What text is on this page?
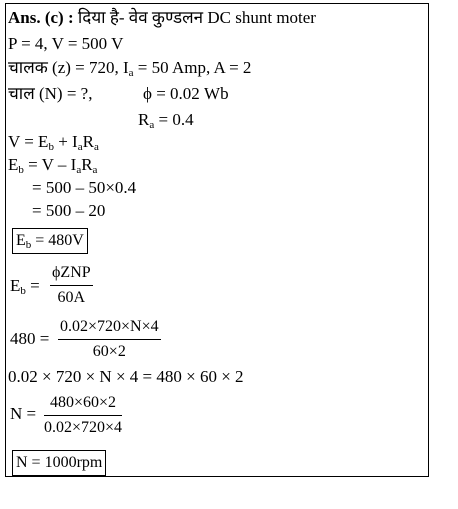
Ans. (c) : दिया है- वेव कुण्डलन DC shunt moter
P = 4, V = 500 V
चालक (z) = 720, $I_a = 50$ Amp, A = 2
चाल (N) = ?,	ϕ = 0.02 Wb
$R_a = 0.4$
$V = E_b + I_aR_a$
$E_b = V - I_aR_a$
= 500 – 50×0.4
= 500 – 20
$E_b = 480V$
$E_b$ =
ϕZNP
60A
$480 = \frac{0.02\times 720\times N\times 4}{60\times 2}$
0.02 × 720 × N × 4 = 480 × 60 × 2
$N = \frac{480\times 60\times 2}{0.02\times 720\times 4}$
N = 1000rpm
